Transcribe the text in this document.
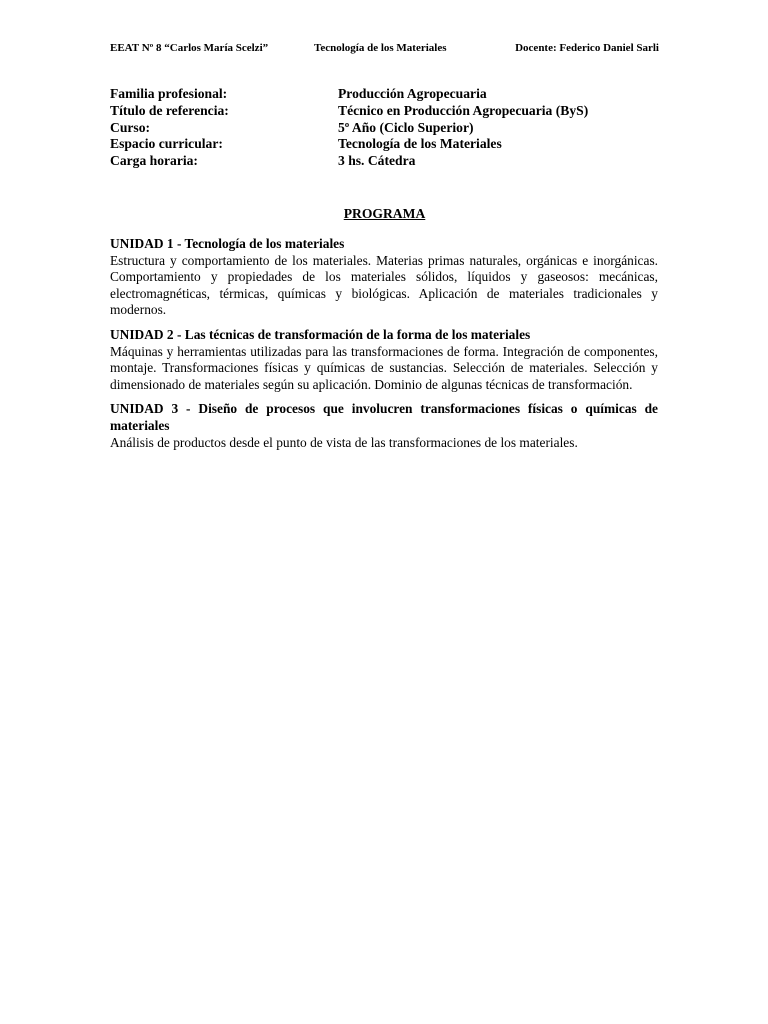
EEAT Nº 8 “Carlos María Scelzi”	Tecnología de los Materiales	Docente: Federico Daniel Sarli
Familia profesional:	Producción Agropecuaria
Título de referencia:	Técnico en Producción Agropecuaria (ByS)
Curso:	5º Año (Ciclo Superior)
Espacio curricular:	Tecnología de los Materiales
Carga horaria:	3 hs. Cátedra
PROGRAMA
UNIDAD 1 - Tecnología de los materiales
Estructura y comportamiento de los materiales. Materias primas naturales, orgánicas e inorgánicas. Comportamiento y propiedades de los materiales sólidos, líquidos y gaseosos: mecánicas, electromagnéticas, térmicas, químicas y biológicas. Aplicación de materiales tradicionales y modernos.
UNIDAD 2 - Las técnicas de transformación de la forma de los materiales
Máquinas y herramientas utilizadas para las transformaciones de forma. Integración de componentes, montaje. Transformaciones físicas y químicas de sustancias. Selección de materiales. Selección y dimensionado de materiales según su aplicación. Dominio de algunas técnicas de transformación.
UNIDAD 3 - Diseño de procesos que involucren transformaciones físicas o químicas de materiales
Análisis de productos desde el punto de vista de las transformaciones de los materiales.
